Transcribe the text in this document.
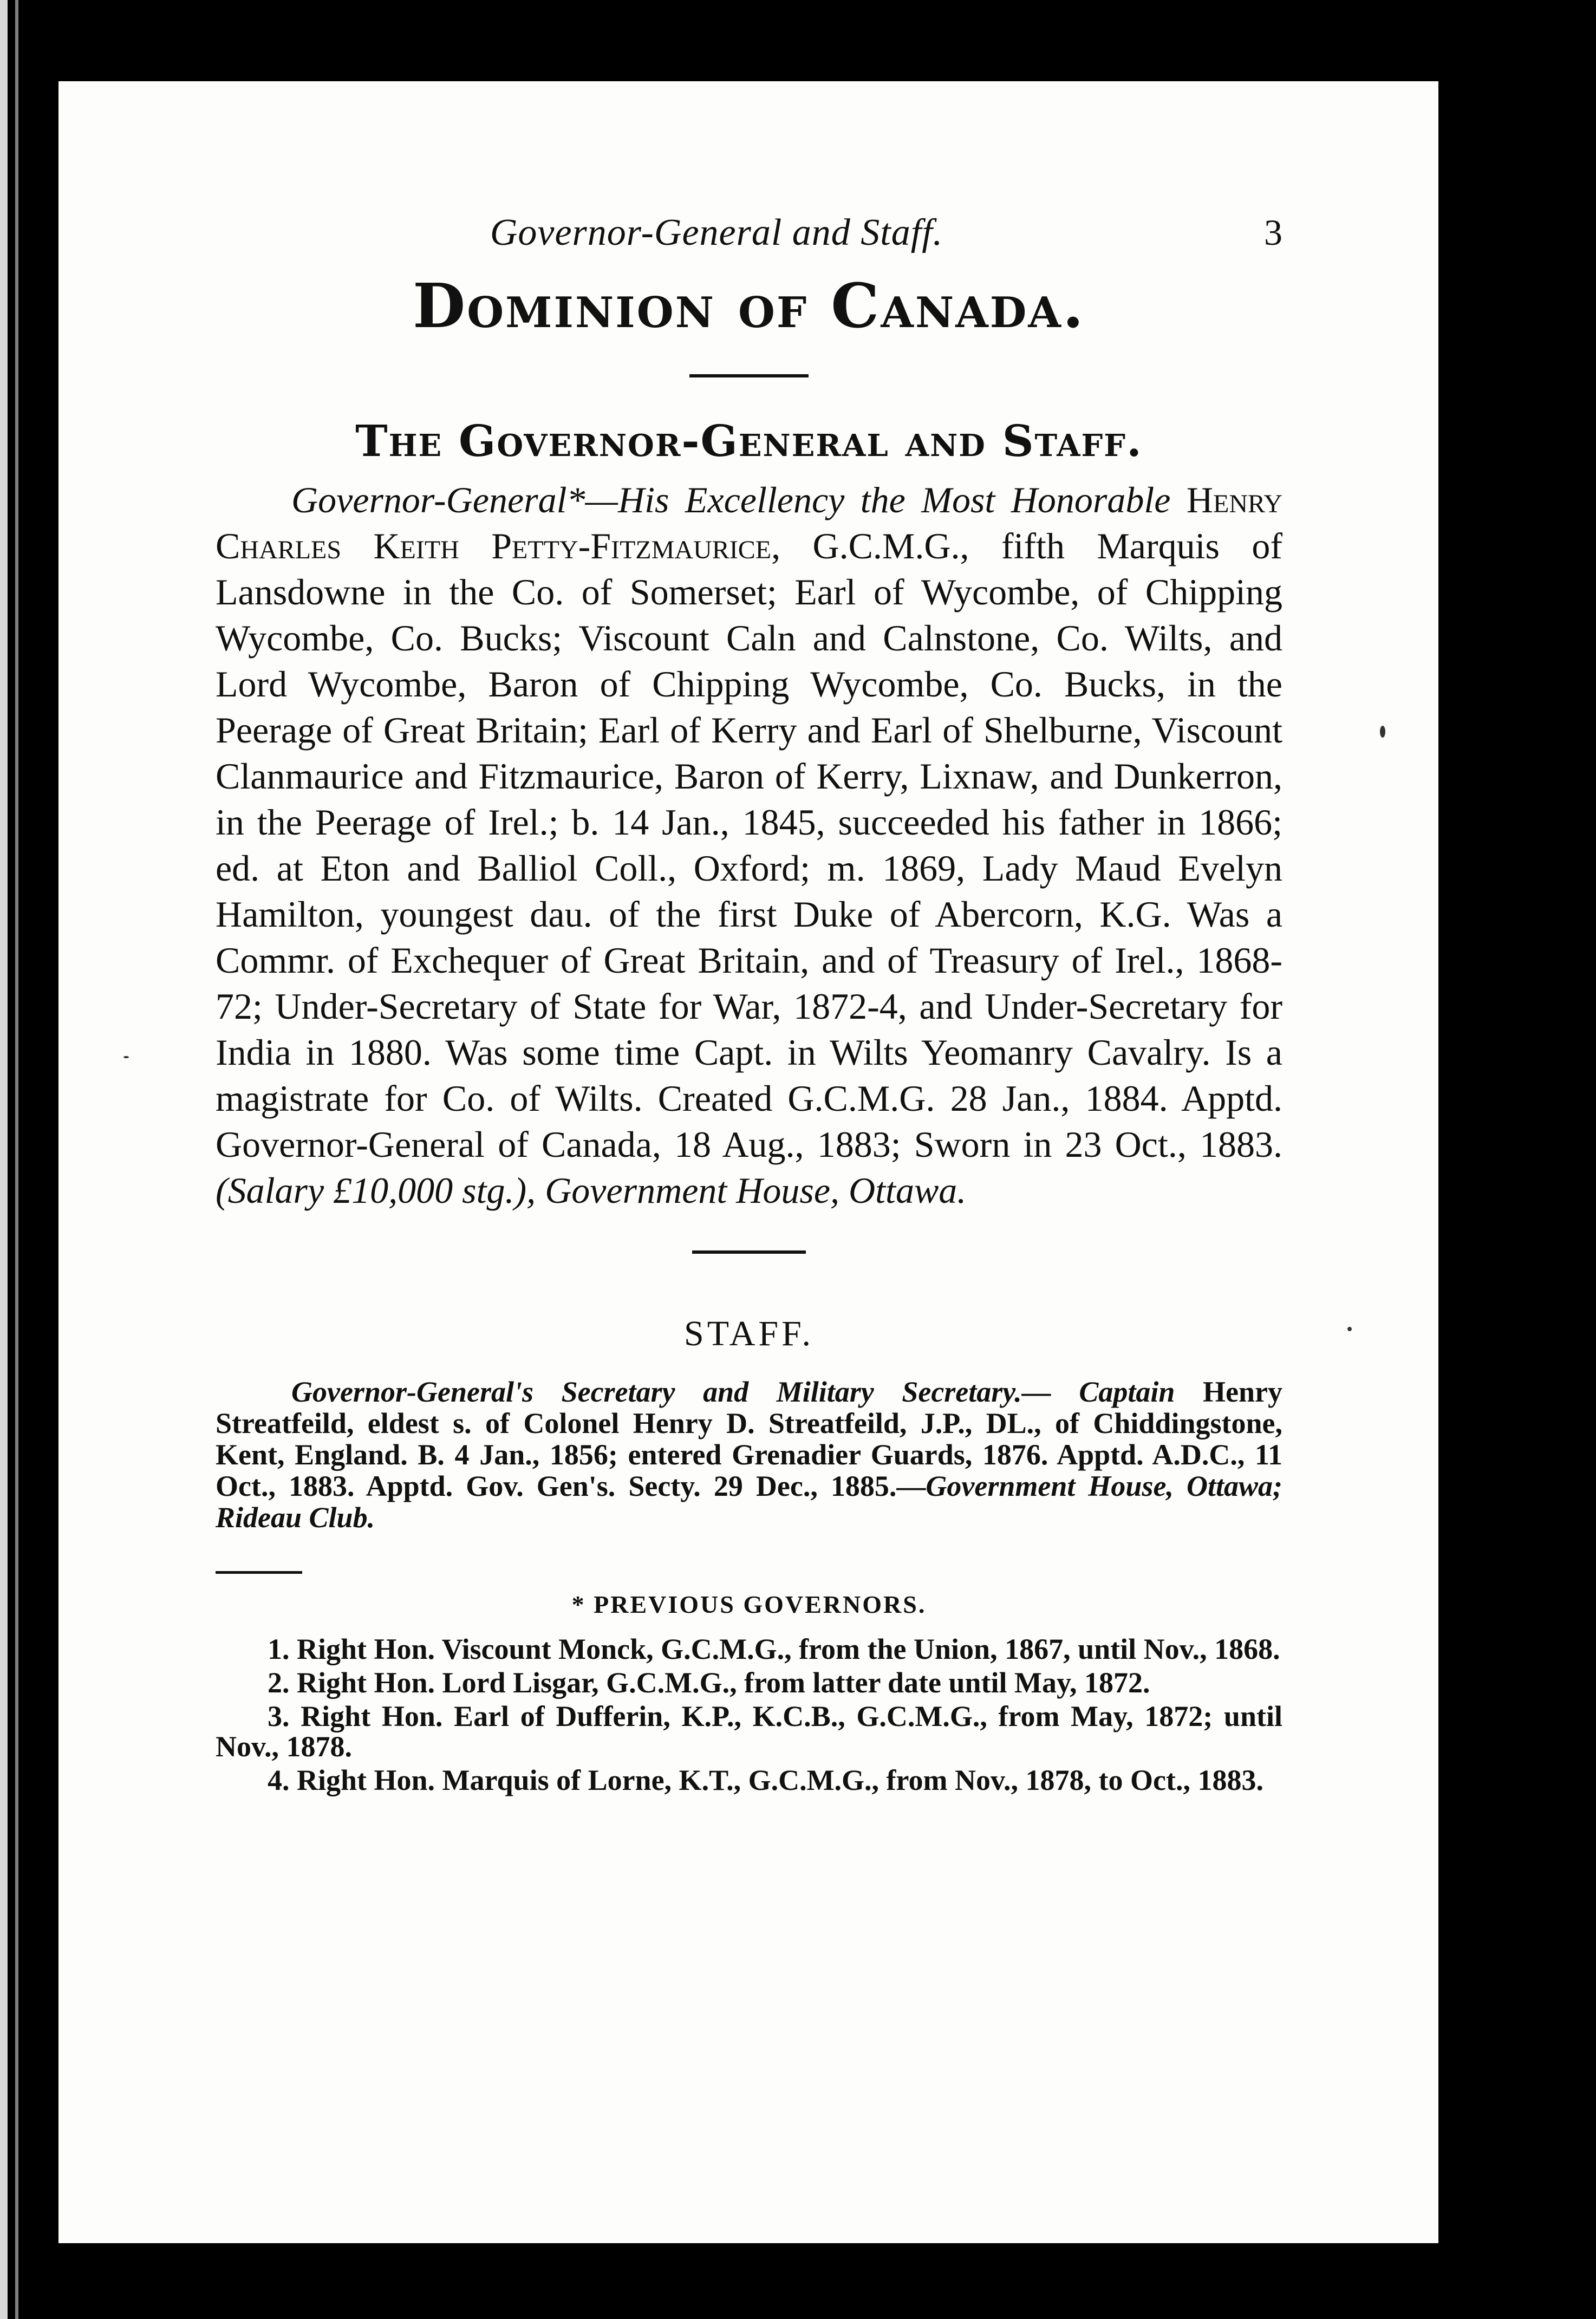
Governor-General and Staff.	3
Dominion of Canada.
The Governor-General and Staff.

Governor-General*—His Excellency the Most Honorable Henry Charles Keith Petty-Fitzmaurice, G.C.M.G., fifth Marquis of Lansdowne in the Co. of Somerset; Earl of Wycombe, of Chipping Wycombe, Co. Bucks; Viscount Caln and Calnstone, Co. Wilts, and Lord Wycombe, Baron of Chipping Wycombe, Co. Bucks, in the Peerage of Great Britain; Earl of Kerry and Earl of Shelburne, Viscount Clanmaurice and Fitzmaurice, Baron of Kerry, Lixnaw, and Dunkerron, in the Peerage of Irel.; b. 14 Jan., 1845, succeeded his father in 1866; ed. at Eton and Balliol Coll., Oxford; m. 1869, Lady Maud Evelyn Hamilton, youngest dau. of the first Duke of Abercorn, K.G. Was a Commr. of Exchequer of Great Britain, and of Treasury of Irel., 1868-72; Under-Secretary of State for War, 1872-4, and Under-Secretary for India in 1880. Was some time Capt. in Wilts Yeomanry Cavalry. Is a magistrate for Co. of Wilts. Created G.C.M.G. 28 Jan., 1884. Apptd. Governor-General of Canada, 18 Aug., 1883; Sworn in 23 Oct., 1883. (Salary £10,000 stg.), Government House, Ottawa.

STAFF.

Governor-General's Secretary and Military Secretary.— Captain Henry Streatfeild, eldest s. of Colonel Henry D. Streatfeild, J.P., DL., of Chiddingstone, Kent, England. B. 4 Jan., 1856; entered Grenadier Guards, 1876. Apptd. A.D.C., 11 Oct., 1883. Apptd. Gov. Gen's. Secty. 29 Dec., 1885.—Government House, Ottawa; Rideau Club.

* PREVIOUS GOVERNORS.

1. Right Hon. Viscount Monck, G.C.M.G., from the Union, 1867, until Nov., 1868.

2. Right Hon. Lord Lisgar, G.C.M.G., from latter date until May, 1872.

3. Right Hon. Earl of Dufferin, K.P., K.C.B., G.C.M.G., from May, 1872; until Nov., 1878.

4. Right Hon. Marquis of Lorne, K.T., G.C.M.G., from Nov., 1878, to Oct., 1883.
